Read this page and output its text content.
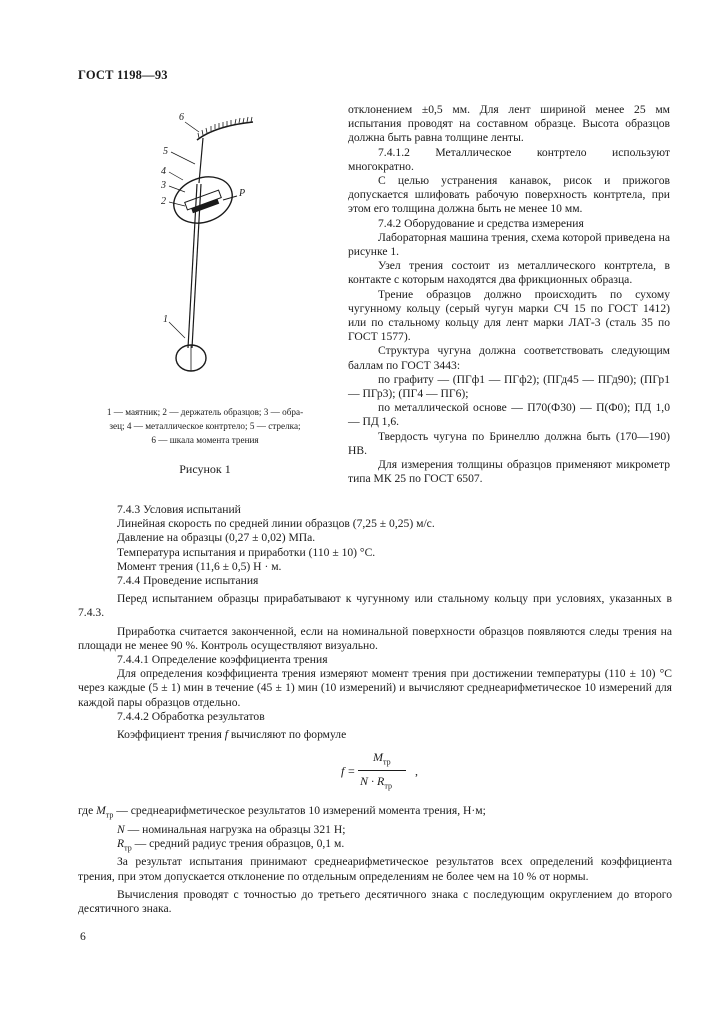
ГОСТ 1198—93
6
5
4
3
2
1
P
1 — маятник; 2 — держатель образцов; 3 — обра-
зец; 4 — металлическое контртело; 5 — стрелка;
6 — шкала момента трения
Рисунок 1

отклонением ±0,5 мм. Для лент шириной менее 25 мм испытания проводят на составном образце. Высота образцов должна быть равна толщине ленты.

7.4.1.2 Металлическое контртело используют многократно.

С целью устранения канавок, рисок и прижогов допускается шлифовать рабочую поверхность контртела, при этом его толщина должна быть не менее 10 мм.

7.4.2 Оборудование и средства измерения

Лабораторная машина трения, схема которой приведена на рисунке 1.

Узел трения состоит из металлического контртела, в контакте с которым находятся два фрикционных образца.

Трение образцов должно происходить по сухому чугунному кольцу (серый чугун марки СЧ 15 по ГОСТ 1412) или по стальному кольцу для лент марки ЛАТ-3 (сталь 35 по ГОСТ 1577).

Структура чугуна должна соответствовать следующим баллам по ГОСТ 3443:

по графиту — (ПГф1 — ПГф2); (ПГд45 — ПГд90); (ПГр1 — ПГр3); (ПГ4 — ПГ6);

по металлической основе — П70(Ф30) — П(Ф0); ПД 1,0 — ПД 1,6.

Твердость чугуна по Бринеллю должна быть (170—190) НВ.

Для измерения толщины образцов применяют микрометр типа МК 25 по ГОСТ 6507.

7.4.3 Условия испытаний

Линейная скорость по средней линии образцов (7,25 ± 0,25) м/с.

Давление на образцы (0,27 ± 0,02) МПа.

Температура испытания и приработки (110 ± 10) °С.

Момент трения (11,6 ± 0,5) Н · м.

7.4.4 Проведение испытания

Перед испытанием образцы прирабатывают к чугунному или стальному кольцу при условиях, указанных в 7.4.3.

Приработка считается законченной, если на номинальной поверхности образцов появляются следы трения на площади не менее 90 %. Контроль осуществляют визуально.

7.4.4.1 Определение коэффициента трения

Для определения коэффициента трения измеряют момент трения при достижении температуры (110 ± 10) °С через каждые (5 ± 1) мин в течение (45 ± 1) мин (10 измерений) и вычисляют среднеарифметическое 10 измерений для каждой пары образцов отдельно.

7.4.4.2 Обработка результатов

Коэффициент трения f вычисляют по формуле

f =
$M_{тр}$
$N \cdot R_{тр}$
,

где $M_{тр}$ — среднеарифметическое результатов 10 измерений момента трения, Н·м;

N — номинальная нагрузка на образцы 321 Н;

$R_{тр}$ — средний радиус трения образцов, 0,1 м.

За результат испытания принимают среднеарифметическое результатов всех определений коэффициента трения, при этом допускается отклонение по отдельным определениям не более чем на 10 % от нормы.

Вычисления проводят с точностью до третьего десятичного знака с последующим округлением до второго десятичного знака.

6
